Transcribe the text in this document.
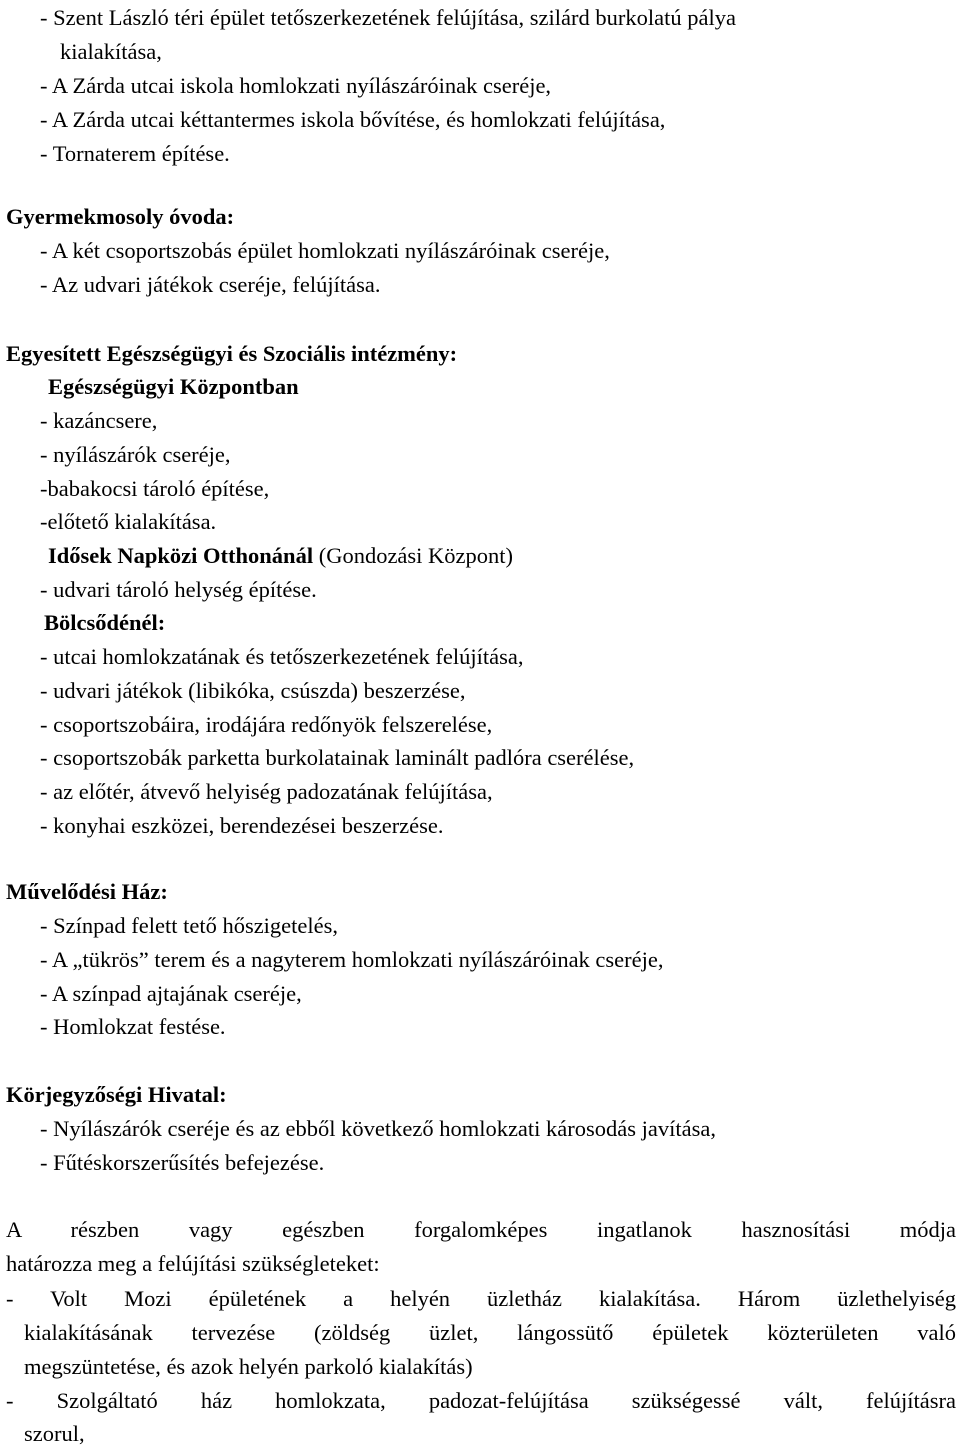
- Szent László téri épület tetőszerkezetének felújítása, szilárd burkolatú pálya
kialakítása,
- A Zárda utcai iskola homlokzati nyílászáróinak cseréje,
- A Zárda utcai kéttantermes iskola bővítése, és homlokzati felújítása,
- Tornaterem építése.
Gyermekmosoly óvoda:
- A két csoportszobás épület homlokzati nyílászáróinak cseréje,
- Az udvari játékok cseréje, felújítása.
Egyesített Egészségügyi és Szociális intézmény:
Egészségügyi Központban
- kazáncsere,
- nyílászárók cseréje,
-babakocsi tároló építése,
-előtető kialakítása.
Idősek Napközi Otthonánál (Gondozási Központ)
- udvari tároló helység építése.
Bölcsődénél:
- utcai homlokzatának és tetőszerkezetének felújítása,
- udvari játékok (libikóka, csúszda) beszerzése,
- csoportszobáira, irodájára redőnyök felszerelése,
- csoportszobák parketta burkolatainak laminált padlóra cserélése,
- az előtér, átvevő helyiség padozatának felújítása,
- konyhai eszközei, berendezései beszerzése.
Művelődési Ház:
- Színpad felett tető hőszigetelés,
- A „tükrös” terem és a nagyterem homlokzati nyílászáróinak cseréje,
- A színpad ajtajának cseréje,
- Homlokzat festése.
Körjegyzőségi Hivatal:
- Nyílászárók cseréje és az ebből következő homlokzati károsodás javítása,
- Fűtéskorszerűsítés befejezése.
A részben vagy egészben forgalomképes ingatlanok hasznosítási módja
határozza meg a felújítási szükségleteket:
- Volt Mozi épületének a helyén üzletház kialakítása. Három üzlethelyiség
kialakításának tervezése (zöldség üzlet, lángossütő épületek közterületen való
megszüntetése, és azok helyén parkoló kialakítás)
- Szolgáltató ház homlokzata, padozat-felújítása szükségessé vált, felújításra
szorul,
